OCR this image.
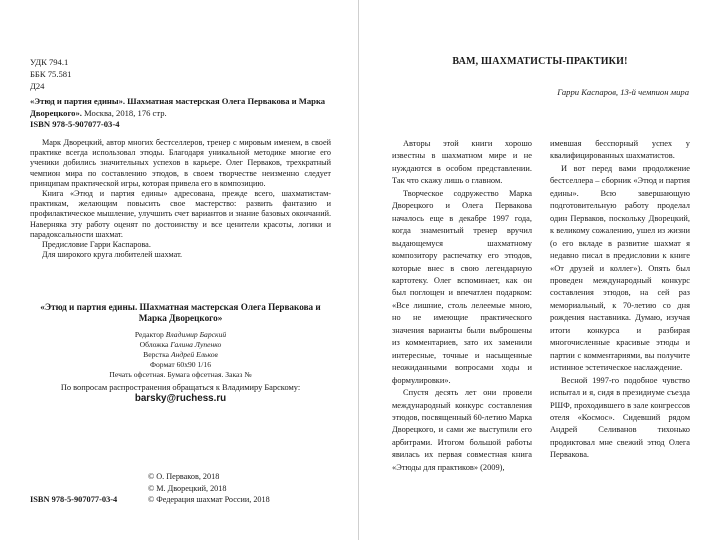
УДК 794.1
ББК 75.581
Д24
«Этюд и партия едины». Шахматная мастерская Олега Первакова и Марка Дворецкого». Москва, 2018, 176 стр.
ISBN 978-5-907077-03-4

Марк Дворецкий, автор многих бестселлеров, тренер с мировым именем, в своей практике всегда использовал этюды. Благодаря уникальной методике многие его ученики добились значительных успехов в карьере. Олег Перваков, трехкратный чемпион мира по составлению этюдов, в своем творчестве неизменно следует принципам практической игры, которая привела его в композицию.

Книга «Этюд и партия едины» адресована, прежде всего, шахматистам-практикам, желающим повысить свое мастерство: развить фантазию и профилактическое мышление, улучшить счет вариантов и знание базовых окончаний. Наверняка эту работу оценят по достоинству и все ценители красоты, логики и парадоксальности шахмат.

Предисловие Гарри Каспарова.

Для широкого круга любителей шахмат.

«Этюд и партия едины. Шахматная мастерская Олега Первакова и Марка Дворецкого»
Редактор Владимир Барский
Обложка Галина Лупенко
Верстка Андрей Ельков
Формат 60x90 1/16
Печать офсетная. Бумага офсетная. Заказ №
По вопросам распространения обращаться к Владимиру Барскому:
barsky@ruchess.ru
ISBN 978-5-907077-03-4
© О. Перваков, 2018
© М. Дворецкий, 2018
© Федерация шахмат России, 2018
ВАМ, ШАХМАТИСТЫ-ПРАКТИКИ!
Гарри Каспаров, 13-й чемпион мира

Авторы этой книги хорошо известны в шахматном мире и не нуждаются в особом представлении. Так что скажу лишь о главном.

Творческое содружество Марка Дворецкого и Олега Первакова началось еще в декабре 1997 года, когда знаменитый тренер вручил выдающемуся шахматному композитору распечатку его этюдов, которые внес в свою легендарную картотеку. Олег вспоминает, как он был поглощен и впечатлен подарком: «Все лишние, столь лелеемые мною, но не имеющие практического значения варианты были выброшены из комментариев, зато их заменили интересные, точные и насыщенные неожиданными вопросами ходы и формулировки».

Спустя десять лет они провели международный конкурс составления этюдов, посвященный 60-летию Марка Дворецкого, и сами же выступили его арбитрами. Итогом большой работы явилась их первая совместная книга «Этюды для практиков» (2009),

имевшая бесспорный успех у квалифицированных шахматистов.

И вот перед вами продолжение бестселлера – сборник «Этюд и партия едины». Всю завершающую подготовительную работу проделал один Перваков, поскольку Дворецкий, к великому сожалению, ушел из жизни (о его вкладе в развитие шахмат я недавно писал в предисловии к книге «От друзей и коллег»). Опять был проведен международный конкурс составления этюдов, на сей раз мемориальный, к 70-летию со дня рождения наставника. Думаю, изучая итоги конкурса и разбирая многочисленные красивые этюды и партии с комментариями, вы получите истинное эстетическое наслаждение.

Весной 1997-го подобное чувство испытал и я, сидя в президиуме съезда РШФ, проходившего в зале конгрессов отеля «Космос». Сидевший рядом Андрей Селиванов тихонько продиктовал мне свежий этюд Олега Первакова.
